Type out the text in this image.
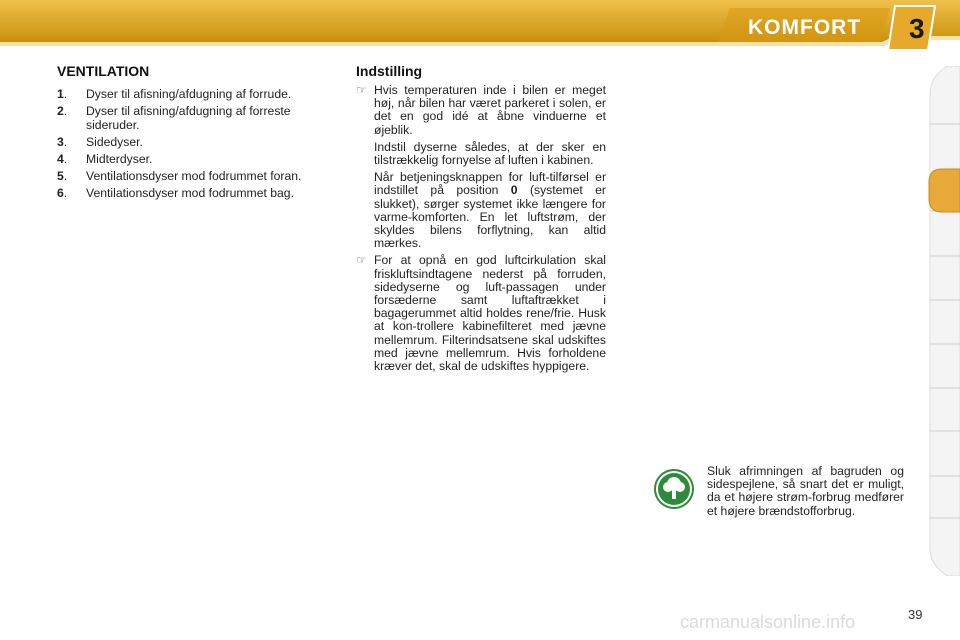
KOMFORT 3
VENTILATION
1.	Dyser til afisning/afdugning af forrude.
2.	Dyser til afisning/afdugning af forreste sideruder.
3.	Sidedyser.
4.	Midterdyser.
5.	Ventilationsdyser mod fodrummet foran.
6.	Ventilationsdyser mod fodrummet bag.
Indstilling
☞ Hvis temperaturen inde i bilen er meget høj, når bilen har været parkeret i solen, er det en god idé at åbne vinduerne et øjeblik.
Indstil dyserne således, at der sker en tilstrækkelig fornyelse af luften i kabinen.
Når betjeningsknappen for luft-tilførsel er indstillet på position 0 (systemet er slukket), sørger systemet ikke længere for varme-komforten. En let luftstrøm, der skyldes bilens forflytning, kan altid mærkes.
☞ For at opnå en god luftcirkulation skal friskluftsindtagene nederst på forruden, sidedyserne og luft-passagen under forsæderne samt luftaftrækket i bagagerummet altid holdes rene/frie. Husk at kon-trollere kabinefilteret med jævne mellemrum. Filterindsatsene skal udskiftes med jævne mellemrum. Hvis forholdene kræver det, skal de udskiftes hyppigere.
Sluk afrimningen af bagruden og sidespejlene, så snart det er muligt, da et højere strøm-forbrug medfører et højere brændstofforbrug.
39
carmanualsonline.info
